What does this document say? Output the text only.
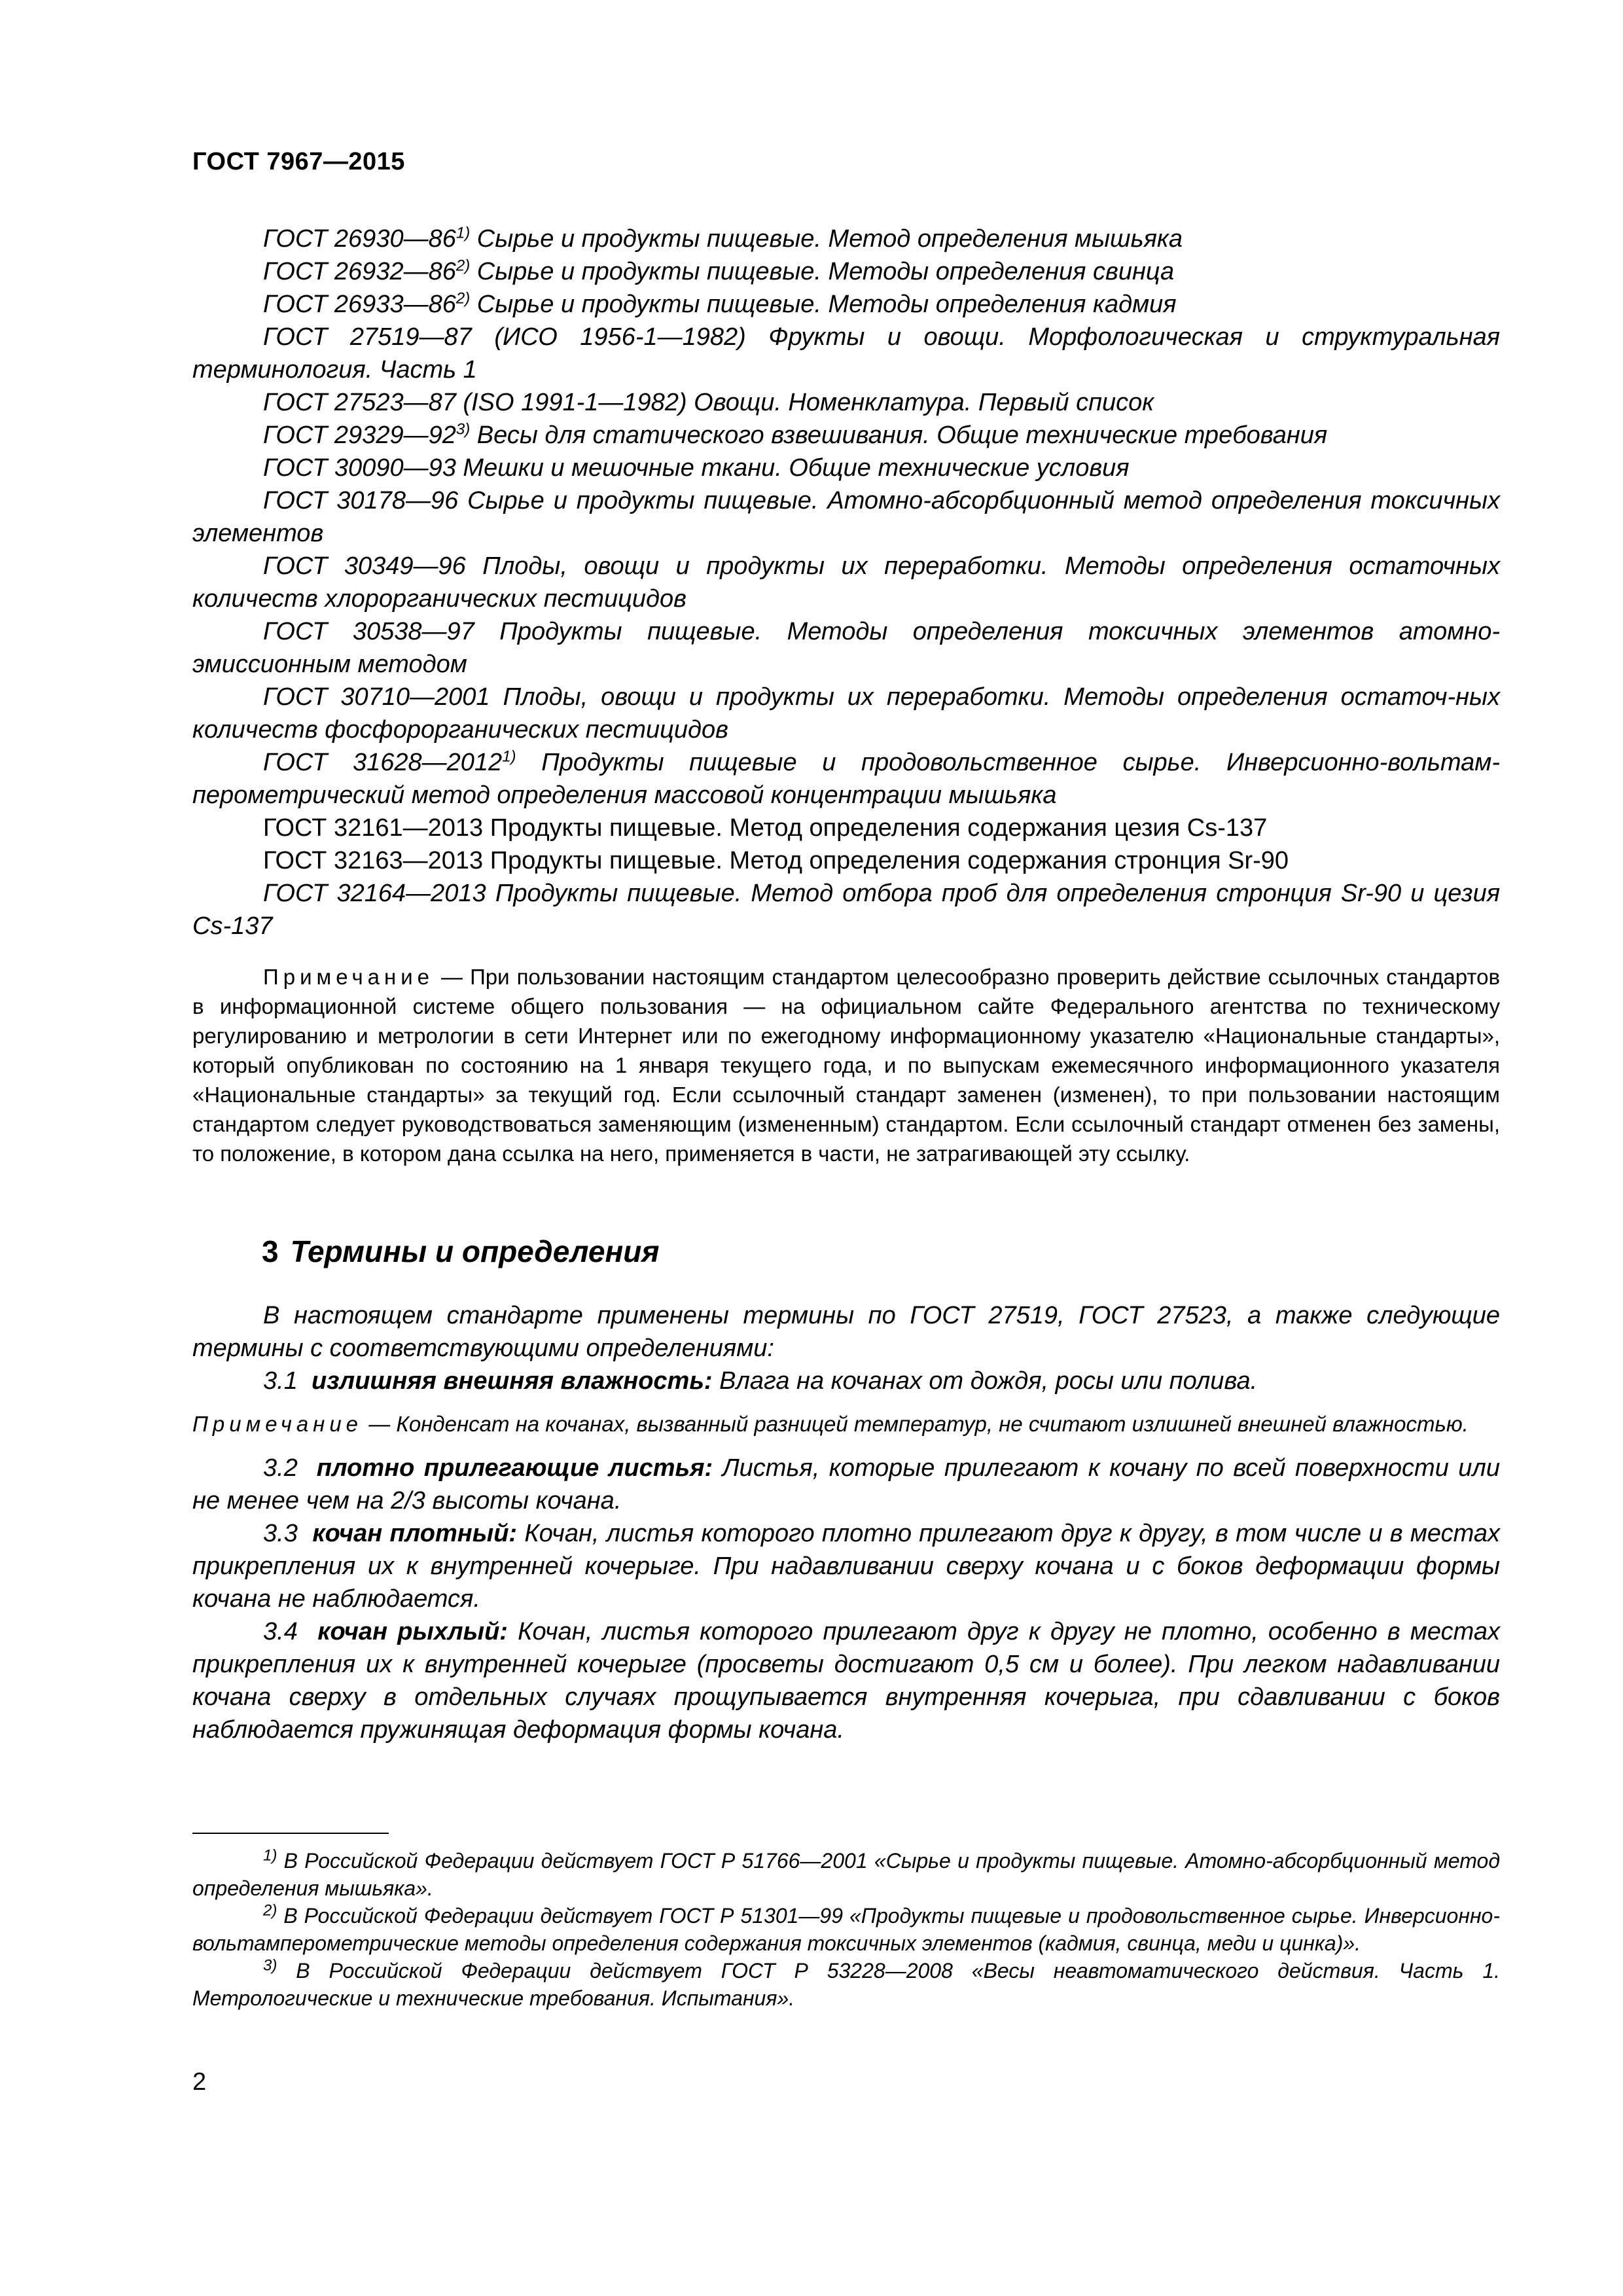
ГОСТ 7967—2015

ГОСТ 26930—86$^{1)}$ Сырье и продукты пищевые. Метод определения мышьяка

ГОСТ 26932—86$^{2)}$ Сырье и продукты пищевые. Методы определения свинца

ГОСТ 26933—86$^{2)}$ Сырье и продукты пищевые. Методы определения кадмия

ГОСТ 27519—87 (ИСО 1956-1—1982) Фрукты и овощи. Морфологическая и структуральная терминология. Часть 1

ГОСТ 27523—87 (ISO 1991-1—1982) Овощи. Номенклатура. Первый список

ГОСТ 29329—92$^{3)}$ Весы для статического взвешивания. Общие технические требования

ГОСТ 30090—93 Мешки и мешочные ткани. Общие технические условия

ГОСТ 30178—96 Сырье и продукты пищевые. Атомно-абсорбционный метод определения токсичных элементов

ГОСТ 30349—96 Плоды, овощи и продукты их переработки. Методы определения остаточных количеств хлорорганических пестицидов

ГОСТ 30538—97 Продукты пищевые. Методы определения токсичных элементов атомно-эмиссионным методом

ГОСТ 30710—2001 Плоды, овощи и продукты их переработки. Методы определения остаточ-ных количеств фосфорорганических пестицидов

ГОСТ 31628—2012$^{1)}$ Продукты пищевые и продовольственное сырье. Инверсионно-вольтам-перометрический метод определения массовой концентрации мышьяка

ГОСТ 32161—2013 Продукты пищевые. Метод определения содержания цезия Cs-137

ГОСТ 32163—2013 Продукты пищевые. Метод определения содержания стронция Sr-90

ГОСТ 32164—2013 Продукты пищевые. Метод отбора проб для определения стронция Sr-90 и цезия Cs-137

Примечание — При пользовании настоящим стандартом целесообразно проверить действие ссылочных стандартов в информационной системе общего пользования — на официальном сайте Федерального агентства по техническому регулированию и метрологии в сети Интернет или по ежегодному информационному указателю «Национальные стандарты», который опубликован по состоянию на 1 января текущего года, и по выпускам ежемесячного информационного указателя «Национальные стандарты» за текущий год. Если ссылочный стандарт заменен (изменен), то при пользовании настоящим стандартом следует руководствоваться заменяющим (измененным) стандартом. Если ссылочный стандарт отменен без замены, то положение, в котором дана ссылка на него, применяется в части, не затрагивающей эту ссылку.
3 Термины и определения

В настоящем стандарте применены термины по ГОСТ 27519, ГОСТ 27523, а также следующие термины с соответствующими определениями:

3.1 излишняя внешняя влажность: Влага на кочанах от дождя, росы или полива.

Примечание — Конденсат на кочанах, вызванный разницей температур, не считают излишней внешней влажностью.

3.2 плотно прилегающие листья: Листья, которые прилегают к кочану по всей поверхности или не менее чем на 2/3 высоты кочана.

3.3 кочан плотный: Кочан, листья которого плотно прилегают друг к другу, в том числе и в местах прикрепления их к внутренней кочерыге. При надавливании сверху кочана и с боков деформации формы кочана не наблюдается.

3.4 кочан рыхлый: Кочан, листья которого прилегают друг к другу не плотно, особенно в местах прикрепления их к внутренней кочерыге (просветы достигают 0,5 см и более). При легком надавливании кочана сверху в отдельных случаях прощупывается внутренняя кочерыга, при сдавливании с боков наблюдается пружинящая деформация формы кочана.

$^{1)}$ В Российской Федерации действует ГОСТ Р 51766—2001 «Сырье и продукты пищевые. Атомно-абсорбционный метод определения мышьяка».

$^{2)}$ В Российской Федерации действует ГОСТ Р 51301—99 «Продукты пищевые и продовольственное сырье. Инверсионно-вольтамперометрические методы определения содержания токсичных элементов (кадмия, свинца, меди и цинка)».

$^{3)}$ В Российской Федерации действует ГОСТ Р 53228—2008 «Весы неавтоматического действия. Часть 1. Метрологические и технические требования. Испытания».

2
